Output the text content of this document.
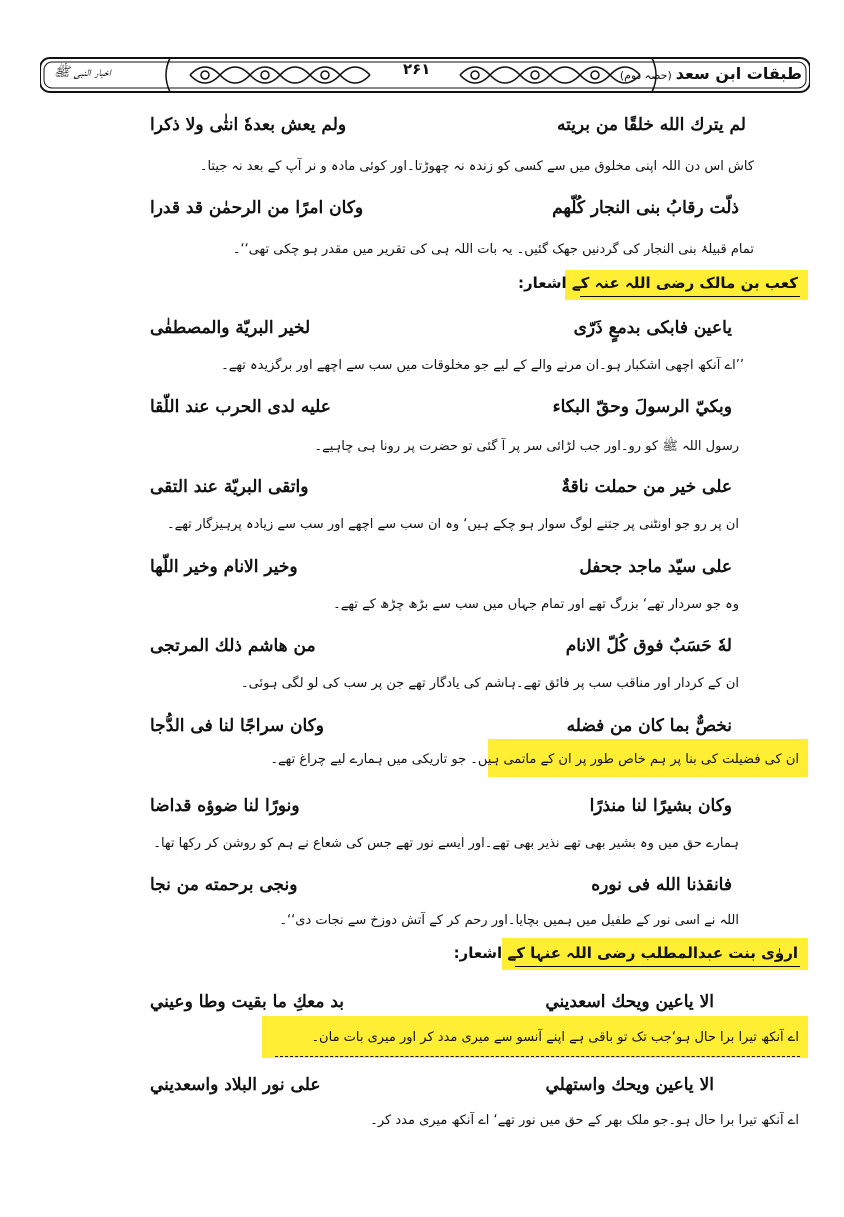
طبقات ابن سعد(حصہ دوم)
۲۶۱
اخبار النبی ﷺ
لم يترك الله خلقًا من بريته
ولم يعش بعدهٗ انثٰی ولا ذكرا
کاش اس دن اللہ اپنی مخلوق میں سے کسی کو زندہ نہ چھوڑتا۔اور کوئی مادہ و نر آپ کے بعد نہ جیتا۔
ذلّت رقابُ بنی النجار كُلّهم
وكان امرًا من الرحمٰن قد قدرا
تمام قبیلۂ بنی النجار کی گردنیں جھک گئیں۔ یہ بات اللہ ہی کی تقریر میں مقدر ہو چکی تھی‘‘۔
کعب بن مالک رضی اللہ عنہ کے اشعار:
ياعين فابكى بدمعٍ ذَرّى
لخير البريّة والمصطفٰى
’’اے آنکھ اچھی اشکبار ہو۔ان مرنے والے کے لیے جو مخلوقات میں سب سے اچھے اور برگزیدہ تھے۔
وبكيّ الرسولَ وحقّ البكاء
عليه لدى الحرب عند اللّقا
رسول اللہ ﷺ کو رو۔اور جب لڑائی سر پر آ گئی تو حضرت پر رونا ہی چاہیے۔
على خير من حملت ناقةٌ
واتقى البريّة عند التقى
ان پر رو جو اونٹنی پر جتنے لوگ سوار ہو چکے ہیں‘ وہ ان سب سے اچھے اور سب سے زیادہ پرہیزگار تھے۔
على سيّد ماجد جحفل
وخير الانام وخير اللّها
وہ جو سردار تھے‘ بزرگ تھے اور تمام جہاں میں سب سے بڑھ چڑھ کے تھے۔
لهٗ حَسَبٌ فوق كُلّ الانام
من هاشم ذلك المرتجى
ان کے کردار اور مناقب سب پر فائق تھے۔ہاشم کی یادگار تھے جن پر سب کی لو لگی ہوئی۔
نخصٌّ بما كان من فضله
وكان سراجًا لنا فى الدُّجا
ان کی فضیلت کی بنا پر ہم خاص طور پر ان کے ماتمی ہیں۔ جو تاریکی میں ہمارے لیے چراغ تھے۔
وكان بشيرًا لنا منذرًا
ونورًا لنا ضوؤه قداضا
ہمارے حق میں وہ بشیر بھی تھے نذیر بھی تھے۔اور ایسے نور تھے جس کی شعاع نے ہم کو روشن کر رکھا تھا۔
فانقذنا الله فى نوره
ونجى برحمته من نجا
اللہ نے اسی نور کے طفیل میں ہمیں بچایا۔اور رحم کر کے آتش دوزخ سے نجات دی‘‘۔
اروٰی بنت عبدالمطلب رضی اللہ عنہا کے اشعار:
الا ياعين ويحك اسعديني
بد معكِ ما بقيت وطا وعيني
اے آنکھ تیرا برا حال ہو‘جب تک تو باقی ہے اپنے آنسو سے میری مدد کر اور میری بات مان۔
الا ياعين ويحك واستهلي
على نور البلاد واسعديني
اے آنکھ تیرا برا حال ہو۔جو ملک بھر کے حق میں نور تھے‘ اے آنکھ میری مدد کر۔
